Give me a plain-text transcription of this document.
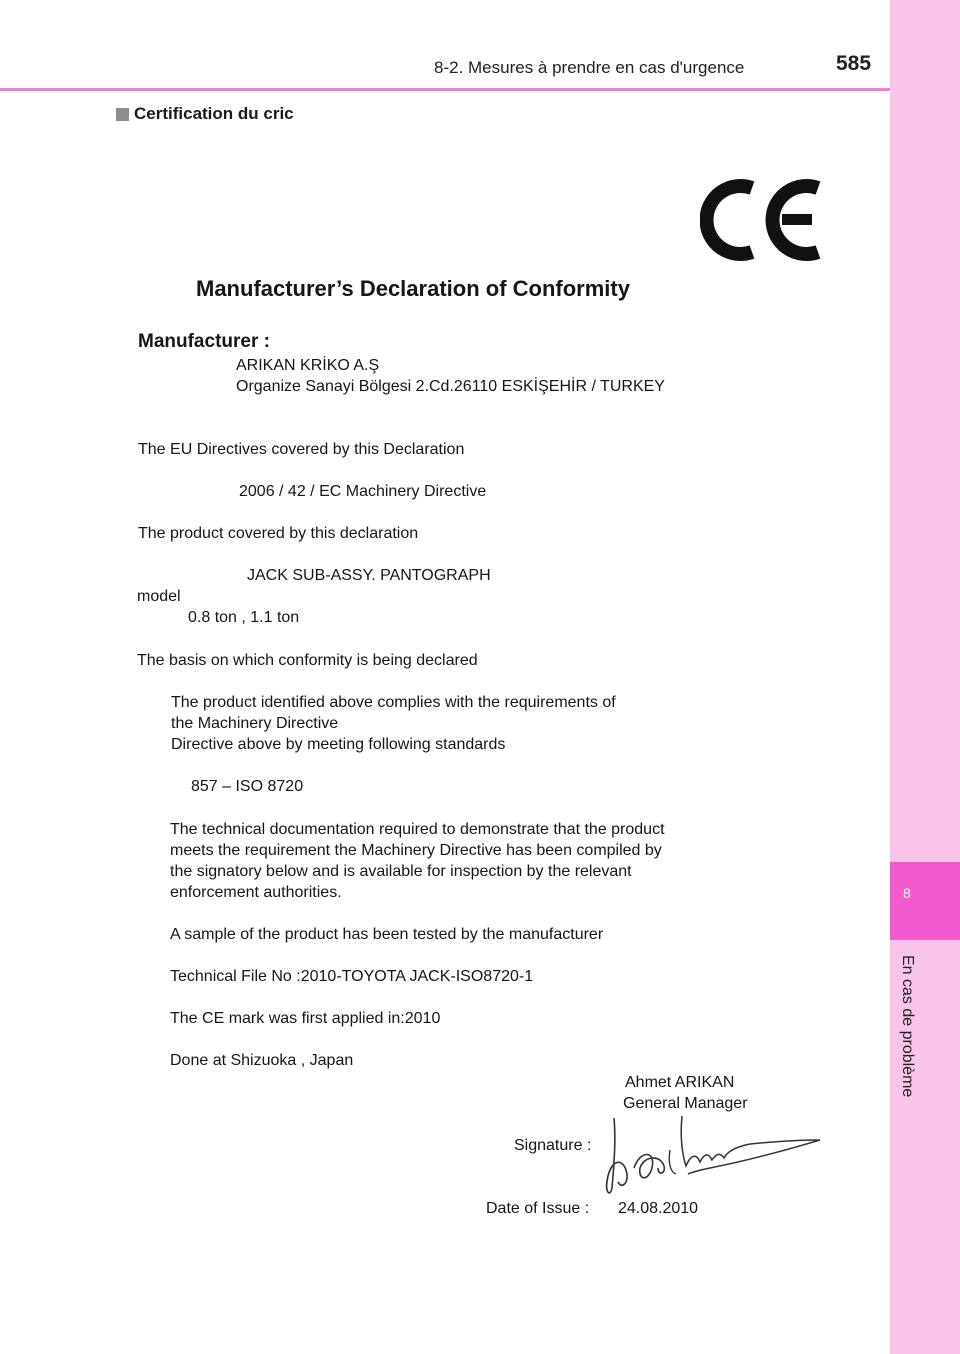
8-2. Mesures à prendre en cas d'urgence	585
8
En cas de problème
Certification du cric
Manufacturer’s Declaration of Conformity
Manufacturer :
ARIKAN KRİKO A.Ş
Organize Sanayi Bölgesi 2.Cd.26110 ESKİŞEHİR / TURKEY
The EU Directives covered by this Declaration
2006 / 42 / EC Machinery Directive
The product covered by this declaration
JACK SUB-ASSY. PANTOGRAPH
model
0.8 ton , 1.1 ton
The basis on which conformity is being declared
The product identified above complies with the requirements of
the Machinery Directive
Directive above by meeting following standards
857 – ISO 8720
The technical documentation required to demonstrate that the product
meets the requirement the Machinery Directive has been compiled by
the signatory below and is available for inspection by the relevant
enforcement authorities.
A sample of the product has been tested by the manufacturer
Technical File No :2010-TOYOTA JACK-ISO8720-1
The CE mark was first applied in:2010
Done at Shizuoka , Japan
Ahmet ARIKAN
General Manager
Signature :
Date of Issue : 24.08.2010
